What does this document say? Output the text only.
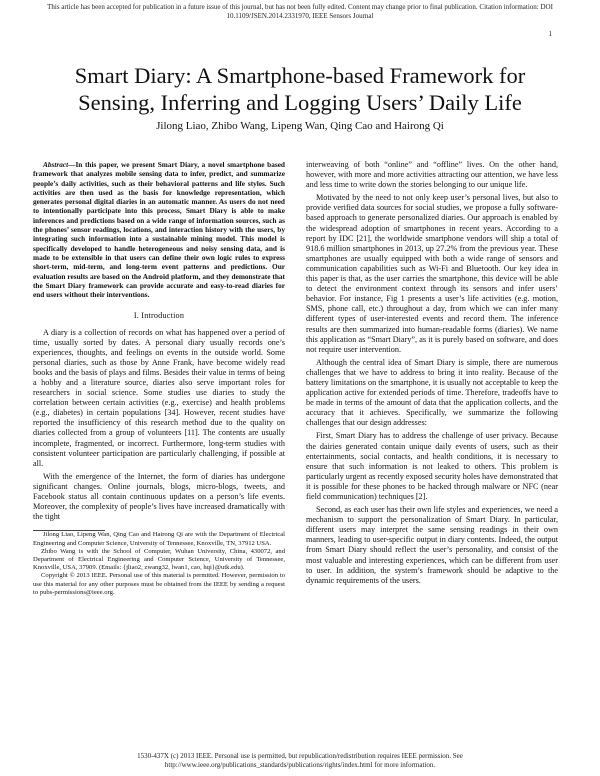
This article has been accepted for publication in a future issue of this journal, but has not been fully edited. Content may change prior to final publication. Citation information: DOI
10.1109/JSEN.2014.2331970, IEEE Sensors Journal
1
Smart Diary: A Smartphone-based Framework for
Sensing, Inferring and Logging Users’ Daily Life
Jilong Liao, Zhibo Wang, Lipeng Wan, Qing Cao and Hairong Qi

Abstract—In this paper, we present Smart Diary, a novel smartphone based framework that analyzes mobile sensing data to infer, predict, and summarize people’s daily activities, such as their behavioral patterns and life styles. Such activities are then used as the basis for knowledge representation, which generates personal digital diaries in an automatic manner. As users do not need to intentionally participate into this process, Smart Diary is able to make inferences and predictions based on a wide range of information sources, such as the phones’ sensor readings, locations, and interaction history with the users, by integrating such information into a sustainable mining model. This model is specifically developed to handle heterogeneous and noisy sensing data, and is made to be extensible in that users can define their own logic rules to express short-term, mid-term, and long-term event patterns and predictions. Our evaluation results are based on the Android platform, and they demonstrate that the Smart Diary framework can provide accurate and easy-to-read diaries for end users without their interventions.

I. Introduction

A diary is a collection of records on what has happened over a period of time, usually sorted by dates. A personal diary usually records one’s experiences, thoughts, and feelings on events in the outside world. Some personal diaries, such as those by Anne Frank, have become widely read books and the basis of plays and films. Besides their value in terms of being a hobby and a literature source, diaries also serve important roles for researchers in social science. Some studies use diaries to study the correlation between certain activities (e.g., exercise) and health problems (e.g., diabetes) in certain populations [34]. However, recent studies have reported the insufficiency of this research method due to the quality on diaries collected from a group of volunteers [11]. The contents are usually incomplete, fragmented, or incorrect. Furthermore, long-term studies with consistent volunteer participation are particularly challenging, if possible at all.

With the emergence of the Internet, the form of diaries has undergone significant changes. Online journals, blogs, micro-blogs, tweets, and Facebook status all contain continuous updates on a person’s life events. Moreover, the complexity of people’s lives have increased dramatically with the tight

Jilong Liao, Lipeng Wan, Qing Cao and Hairong Qi are with the Department of Electrical Engineering and Computer Science, University of Tennessee, Knoxville, TN, 37912 USA.

Zhibo Wang is with the School of Computer, Wuhan University, China, 430072, and Department of Electrical Engineering and Computer Science, University of Tennessee, Knoxville, USA, 37909. (Emails: {jliao2, zwang32, lwan1, cao, hqi}@utk.edu).

Copyright © 2013 IEEE. Personal use of this material is permitted. However, permission to use this material for any other purposes must be obtained from the IEEE by sending a request to pubs-permissions@ieee.org.

interweaving of both “online” and “offline” lives. On the other hand, however, with more and more activities attracting our attention, we have less and less time to write down the stories belonging to our unique life.

Motivated by the need to not only keep user’s personal lives, but also to provide verified data sources for social studies, we propose a fully software-based approach to generate personalized diaries. Our approach is enabled by the widespread adoption of smartphones in recent years. According to a report by IDC [21], the worldwide smartphone vendors will ship a total of 918.6 million smartphones in 2013, up 27.2% from the previous year. These smartphones are usually equipped with both a wide range of sensors and communication capabilities such as Wi-Fi and Bluetooth. Our key idea in this paper is that, as the user carries the smartphone, this device will be able to detect the environment context through its sensors and infer users’ behavior. For instance, Fig 1 presents a user’s life activities (e.g. motion, SMS, phone call, etc.) throughout a day, from which we can infer many different types of user-interested events and record them. The inference results are then summarized into human-readable forms (diaries). We name this application as “Smart Diary”, as it is purely based on software, and does not require user intervention.

Although the central idea of Smart Diary is simple, there are numerous challenges that we have to address to bring it into reality. Because of the battery limitations on the smartphone, it is usually not acceptable to keep the application active for extended periods of time. Therefore, tradeoffs have to be made in terms of the amount of data that the application collects, and the accuracy that it achieves. Specifically, we summarize the following challenges that our design addresses:

First, Smart Diary has to address the challenge of user privacy. Because the dairies generated contain unique daily events of users, such as their entertainments, social contacts, and health conditions, it is necessary to ensure that such information is not leaked to others. This problem is particularly urgent as recently exposed security holes have demonstrated that it is possible for these phones to be hacked through malware or NFC (near field communication) techniques [2].

Second, as each user has their own life styles and experiences, we need a mechanism to support the personalization of Smart Diary. In particular, different users may interpret the same sensing readings in their own manners, leading to user-specific output in diary contents. Indeed, the output from Smart Diary should reflect the user’s personality, and consist of the most valuable and interesting experiences, which can be different from user to user. In addition, the system’s framework should be adaptive to the dynamic requirements of the users.

1530-437X (c) 2013 IEEE. Personal use is permitted, but republication/redistribution requires IEEE permission. See
http://www.ieee.org/publications_standards/publications/rights/index.html for more information.
